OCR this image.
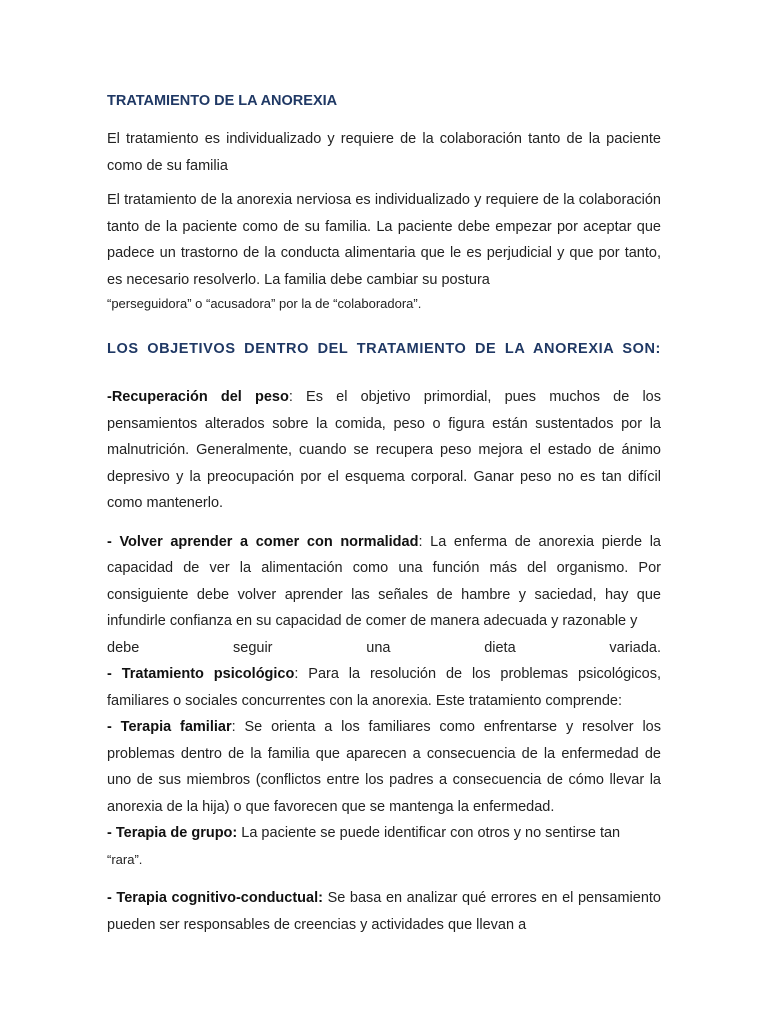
TRATAMIENTO DE LA ANOREXIA

El tratamiento es individualizado y requiere de la colaboración tanto de la paciente como de su familia

El tratamiento de la anorexia nerviosa es individualizado y requiere de la colaboración tanto de la paciente como de su familia. La paciente debe empezar por aceptar que padece un trastorno de la conducta alimentaria que le es perjudicial y que por tanto, es necesario resolverlo. La familia debe cambiar su postura

“perseguidora” o “acusadora” por la de “colaboradora”.
LOS OBJETIVOS DENTRO DEL TRATAMIENTO DE LA ANOREXIA SON:

-Recuperación del peso: Es el objetivo primordial, pues muchos de los pensamientos alterados sobre la comida, peso o figura están sustentados por la malnutrición. Generalmente, cuando se recupera peso mejora el estado de ánimo depresivo y la preocupación por el esquema corporal. Ganar peso no es tan difícil como mantenerlo.

- Volver aprender a comer con normalidad: La enferma de anorexia pierde la capacidad de ver la alimentación como una función más del organismo. Por consiguiente debe volver aprender las señales de hambre y saciedad, hay que infundirle confianza en su capacidad de comer de manera adecuada y razonable y
debe seguir una dieta variada.

- Tratamiento psicológico: Para la resolución de los problemas psicológicos, familiares o sociales concurrentes con la anorexia. Este tratamiento comprende:

- Terapia familiar: Se orienta a los familiares como enfrentarse y resolver los problemas dentro de la familia que aparecen a consecuencia de la enfermedad de uno de sus miembros (conflictos entre los padres a consecuencia de cómo llevar la anorexia de la hija) o que favorecen que se mantenga la enfermedad.

- Terapia de grupo: La paciente se puede identificar con otros y no sentirse tan
“rara”.

- Terapia cognitivo-conductual: Se basa en analizar qué errores en el pensamiento pueden ser responsables de creencias y actividades que llevan a
